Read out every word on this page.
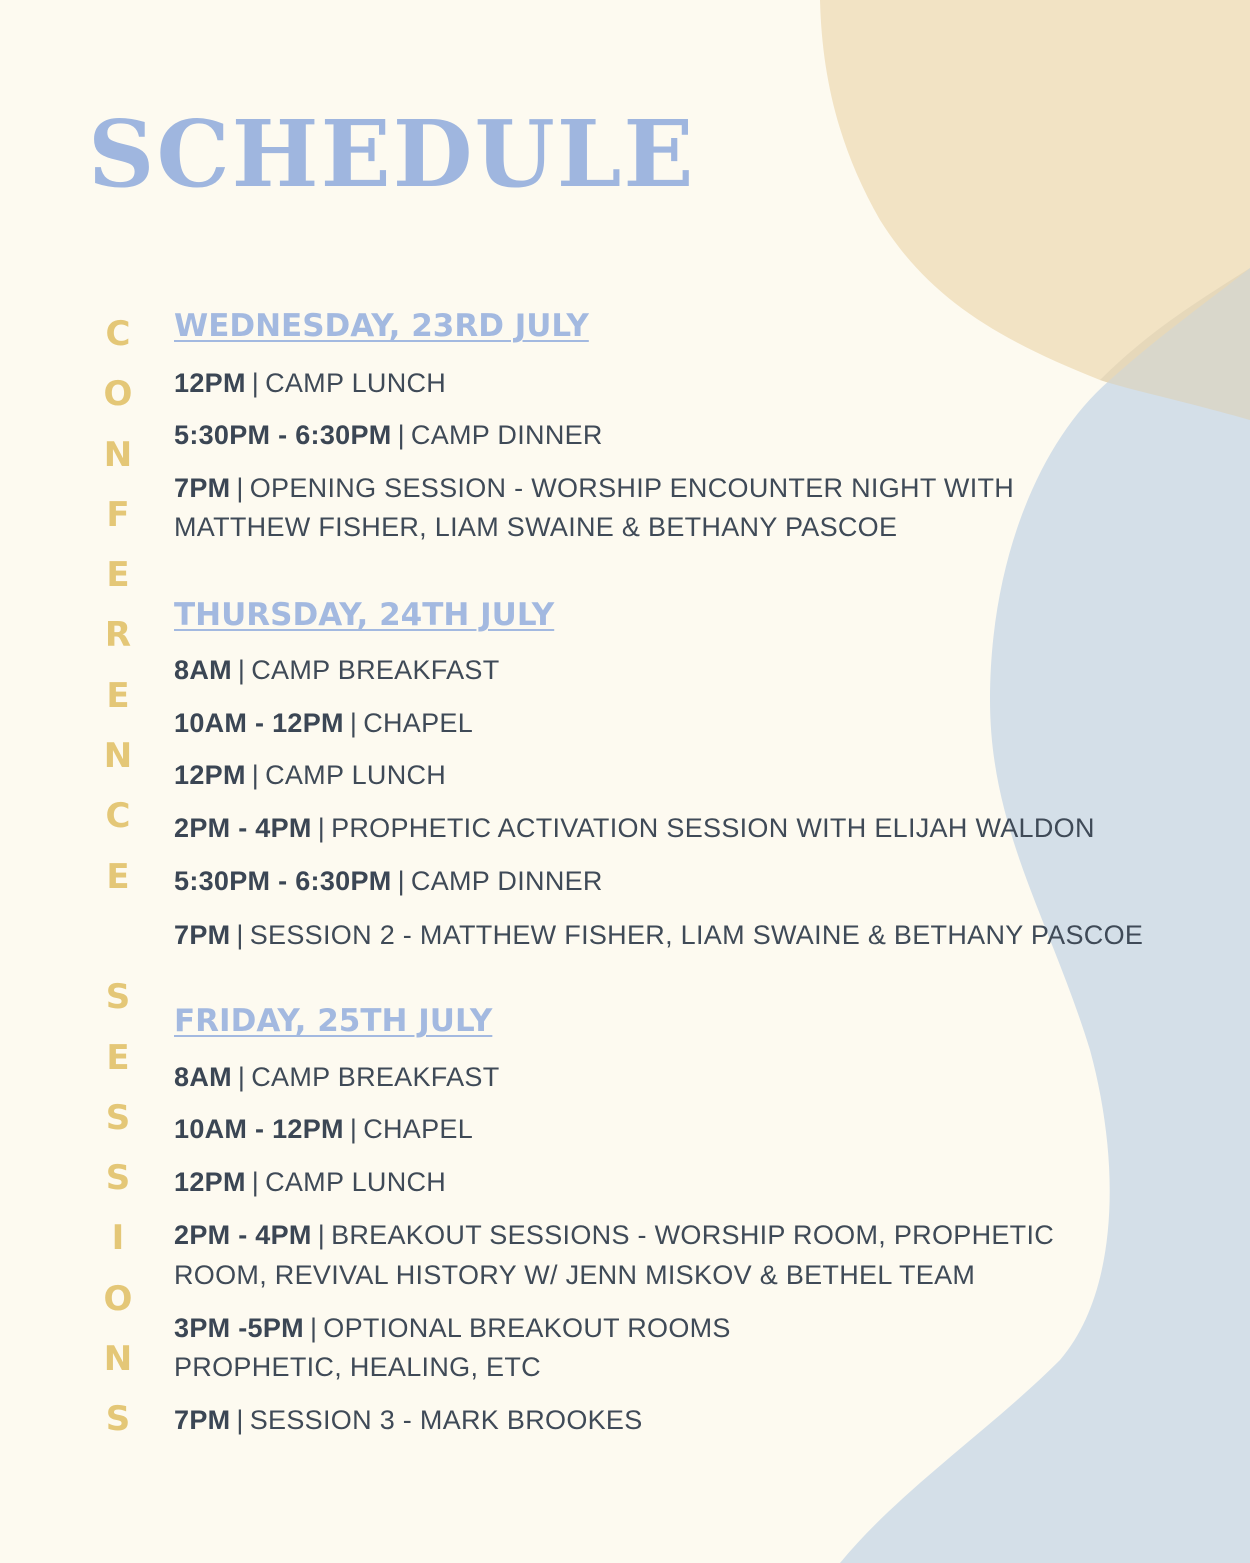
SCHEDULE
C
O
N
F
E
R
E
N
C
E
S
E
S
S
I
O
N
S
WEDNESDAY, 23RD JULY

12PM | CAMP LUNCH

5:30PM - 6:30PM | CAMP DINNER

7PM | OPENING SESSION - WORSHIP ENCOUNTER NIGHT WITH

MATTHEW FISHER, LIAM SWAINE & BETHANY PASCOE

THURSDAY, 24TH JULY

8AM | CAMP BREAKFAST

10AM - 12PM | CHAPEL

12PM | CAMP LUNCH

2PM - 4PM | PROPHETIC ACTIVATION SESSION WITH ELIJAH WALDON

5:30PM - 6:30PM | CAMP DINNER

7PM | SESSION 2 - MATTHEW FISHER, LIAM SWAINE & BETHANY PASCOE

FRIDAY, 25TH JULY

8AM | CAMP BREAKFAST

10AM - 12PM | CHAPEL

12PM | CAMP LUNCH

2PM - 4PM | BREAKOUT SESSIONS - WORSHIP ROOM, PROPHETIC

ROOM, REVIVAL HISTORY W/ JENN MISKOV & BETHEL TEAM

3PM -5PM | OPTIONAL BREAKOUT ROOMS

PROPHETIC, HEALING, ETC

7PM | SESSION 3 - MARK BROOKES
